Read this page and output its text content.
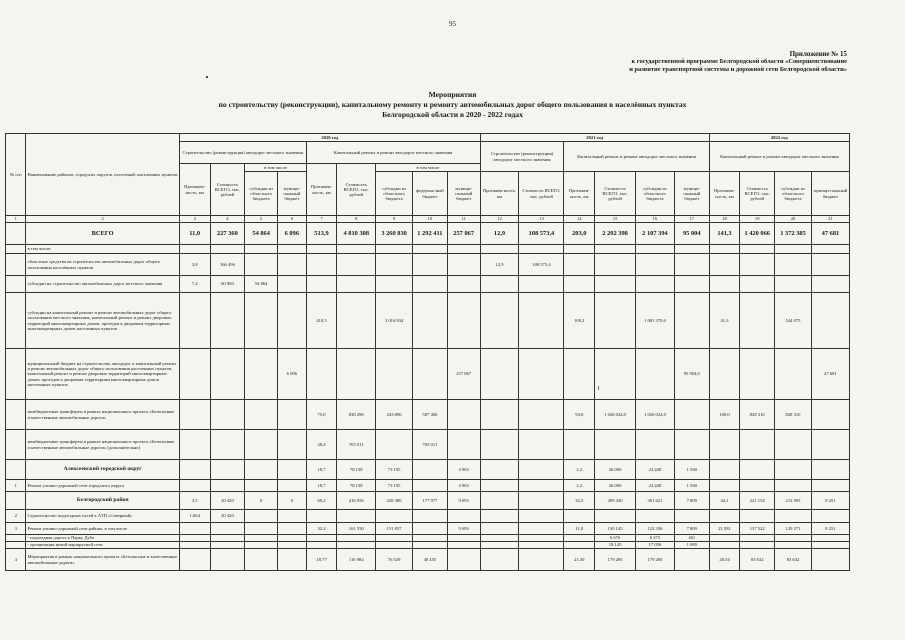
95
Приложение № 15
к государственной программе Белгородской области «Совершенствование
и развитие транспортной системы и дорожной сети Белгородской области»
Мероприятия
по строительству (реконструкции), капитальному ремонту и ремонту автомобильных дорог общего пользования в населённых пунктах
Белгородской области в 2020 - 2022 годах
№ п/п	Наименование районов, городских округов, поселений, населенных пунктов	2020 год									2021 год						2022 год			
		Строительство (реконструкция) автодорог местного значения				Капитальный ремонт и ремонт автодорог местного значения					Строительство (реконструкция) автодорог местного значения		Капитальный ремонт и ремонт автодорог местного значения				Капитальный ремонт и ремонт автодорог местного значения			
		Протяжен-ность, км	Стоимость ВСЕГО, тыс. рублей	в том числе		Протяжен-ность, км	Стоимость ВСЕГО, тыс. рублей	в том числе												
				субсидии из областного бюджета	муници-пальный бюджет			субсидии из областного бюджета	федераль-ный бюджет	муници-пальный бюджет	Протяжен-ность, км	Стоимость ВСЕГО, тыс. рублей	Протяжен-ность, км	Стоимость ВСЕГО, тыс. рублей	субсидии из областного бюджета	муници-пальный бюджет	Протяжен-ность, км	Стоимость ВСЕГО, тыс. рублей	субсидии из областного бюджета	муници-пальный бюджет
1	2	3	4	5	6	7	8	9	10	11	12	13	14	15	16	17	18	19	20	21
	ВСЕГО	11,0	227 360	54 864	6 096	513,9	4 810 308	3 260 830	1 292 411	257 067	12,9	108 573,4	203,0	2 202 398	2 107 394	95 004	141,3	1 420 066	1 372 385	47 681
	в том числе:																			
	областные средства на строительство автомобильных дорог общего пользования населённых пунктов	3,8	166 496								12,9	108 573,4								
	субсидии на строительство автомобильных дорог местного значения	7,2	60 960	54 864																
	субсидии на капитальный ремонт и ремонт автомобильных дорог общего пользования местного значения, капитальный ремонт и ремонт дворовых территорий многоквартирных домов, проездов к дворовым территориям многоквартирных домов населенных пунктов					410,5		3 016 934					109,2		1 081 370,0		41,3		544 075	
	муниципальный бюджет на строительство автодорог и капитальный ремонт и ремонт автомобильных дорог общего пользования населенных пунктов, капитальный ремонт и ремонт дворовых территорий многоквартирных домов, проездов к дворовым территориям многоквартирных домов населенных пунктов				6 096					257 067						95 004,0				47 681
	межбюджетные трансферты в рамках национального проекта «Безопасные и качественные автомобильные дороги»					75,0	830 296	243 896	587 400				93,8	1 026 024,0	1 026 024,0		100,0	828 310	828 310	
	межбюджетные трансферты в рамках национального проекта «Безопасные и качественные автомобильные дороги» (дополнительно)					28,4	705 011		705 011											
	Алексеевский городской округ					18,7	78 158	73 195		4 963			2,2	26 000	24 440	1 560				
1	Ремонт улично-дорожной сети городского округа					18,7	78 158	73 195		4 963			2,2	26 000	24 440	1 560				
	Белгородский район	3,5	20 420	0	0	68,2	416 056	228 386	177 977	9 693			32,3	309 430	301 621	7 809	44,1	221 154	212 903	8 251
2	Строительство подъездных путей к АТП «Северный»	1,664	20 420																	
3	Ремонт улично-дорожной сети района, в том числе					32,2	161 550	151 857		9 693			11,0	130 145	122 336	7 809	21,581	137 522	129 271	8 251
	- подъездная дорога к Парку Дуба													6 676	6 275	401				
	- организация новой маршрутной сети													18 145	17 056	1 089				
4	Мероприятия в рамках национального проекта «Безопасные и качественные автомобильные дороги»					18,77	116 984	76 529	40 455				21,30	179 285	179 285		20,54	83 632	83 632	
